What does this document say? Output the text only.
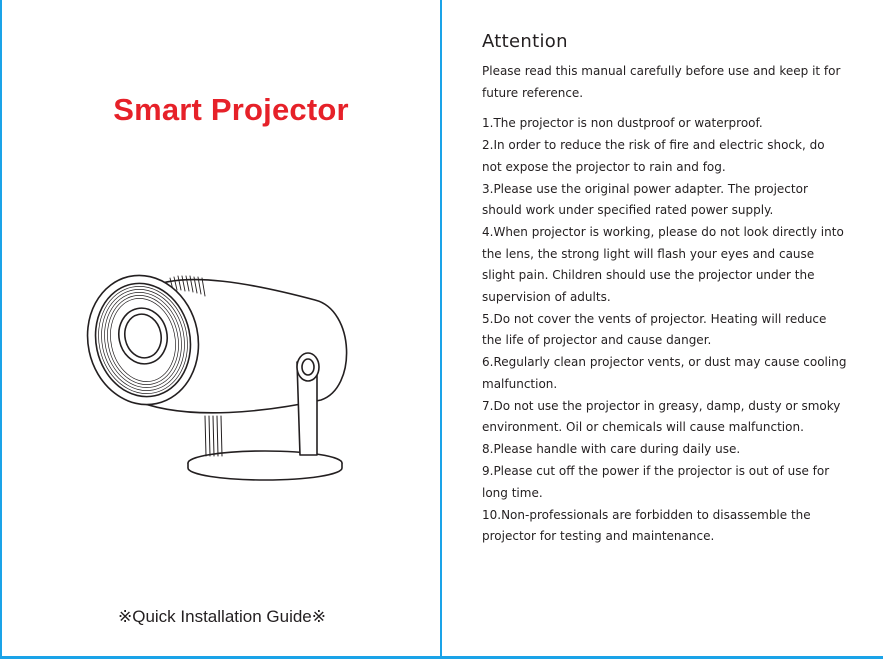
Smart Projector

※Quick Installation Guide※

Attention

Please read this manual carefully before use and keep it for future reference.

1.The projector is non dustproof or waterproof.
2.In order to reduce the risk of fire and electric shock, do not expose the projector to rain and fog.
3.Please use the original power adapter. The projector should work under specified rated power supply.
4.When projector is working, please do not look directly into the lens, the strong light will flash your eyes and cause slight pain. Children should use the projector under the supervision of adults.
5.Do not cover the vents of projector. Heating will reduce the life of projector and cause danger.
6.Regularly clean projector vents, or dust may cause cooling malfunction.
7.Do not use the projector in greasy, damp, dusty or smoky environment. Oil or chemicals will cause malfunction.
8.Please handle with care during daily use.
9.Please cut off the power if the projector is out of use for long time.
10.Non-professionals are forbidden to disassemble the projector for testing and maintenance.
